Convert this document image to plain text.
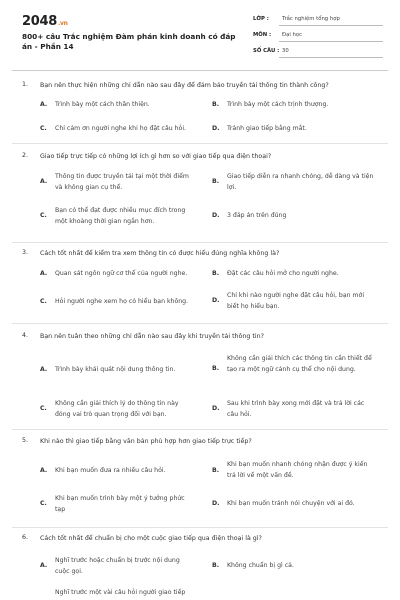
2048.vn
800+ câu Trắc nghiệm Đàm phán kinh doanh có đáp án - Phần 14
LỚP : Trắc nghiệm tổng hợp
MÔN : Đại học
SỐ CÂU : 30
1. Bạn nên thực hiện những chỉ dẫn nào sau đây để đảm bảo truyền tải thông tin thành công?
A. Trình bày một cách thân thiện.	B. Trình bày một cách trịnh thượng.
C. Chỉ cảm ơn người nghe khi họ đặt câu hỏi.	D. Tránh giao tiếp bằng mắt.
2. Giao tiếp trực tiếp có những lợi ích gì hơn so với giao tiếp qua điện thoại?
A.
Thông tin được truyền tải tại một thời điểm và không gian cụ thể.
B.
Giao tiếp diễn ra nhanh chóng, dễ dàng và tiện lợi.
C.
Bạn có thể đạt được nhiều mục đích trong một khoảng thời gian ngắn hơn.
D. 3 đáp án trên đúng
3. Cách tốt nhất để kiểm tra xem thông tin có được hiểu đúng nghĩa không là?
A. Quan sát ngôn ngữ cơ thể của người nghe.	B. Đặt các câu hỏi mở cho người nghe.
C. Hỏi người nghe xem họ có hiểu bạn không.	D.
Chỉ khi nào người nghe đặt câu hỏi, bạn mới biết họ hiểu bạn.
4. Bạn nên tuân theo những chỉ dẫn nào sau đây khi truyền tải thông tin?
A. Trình bày khái quát nội dung thông tin.	B.
Không cần giải thích các thông tin cần thiết để tạo ra một ngữ cảnh cụ thể cho nội dung.
C.
Không cần giải thích lý do thông tin này đóng vai trò quan trọng đối với bạn.
D.
Sau khi trình bày xong mới đặt và trả lời các câu hỏi.
5. Khi nào thì giao tiếp bằng văn bản phù hợp hơn giao tiếp trực tiếp?
A. Khi bạn muốn đưa ra nhiều câu hỏi.	B.
Khi bạn muốn nhanh chóng nhận được ý kiến trả lời về một vấn đề.
C.
Khi bạn muốn trình bày một ý tưởng phức tạp
D. Khi bạn muốn tránh nói chuyện với ai đó.
6. Cách tốt nhất để chuẩn bị cho một cuộc giao tiếp qua điện thoại là gì?
A.
Nghĩ trước hoặc chuẩn bị trước nội dung cuộc gọi.
B. Không chuẩn bị gì cả.
Nghĩ trước một vài câu hỏi người giao tiếp
